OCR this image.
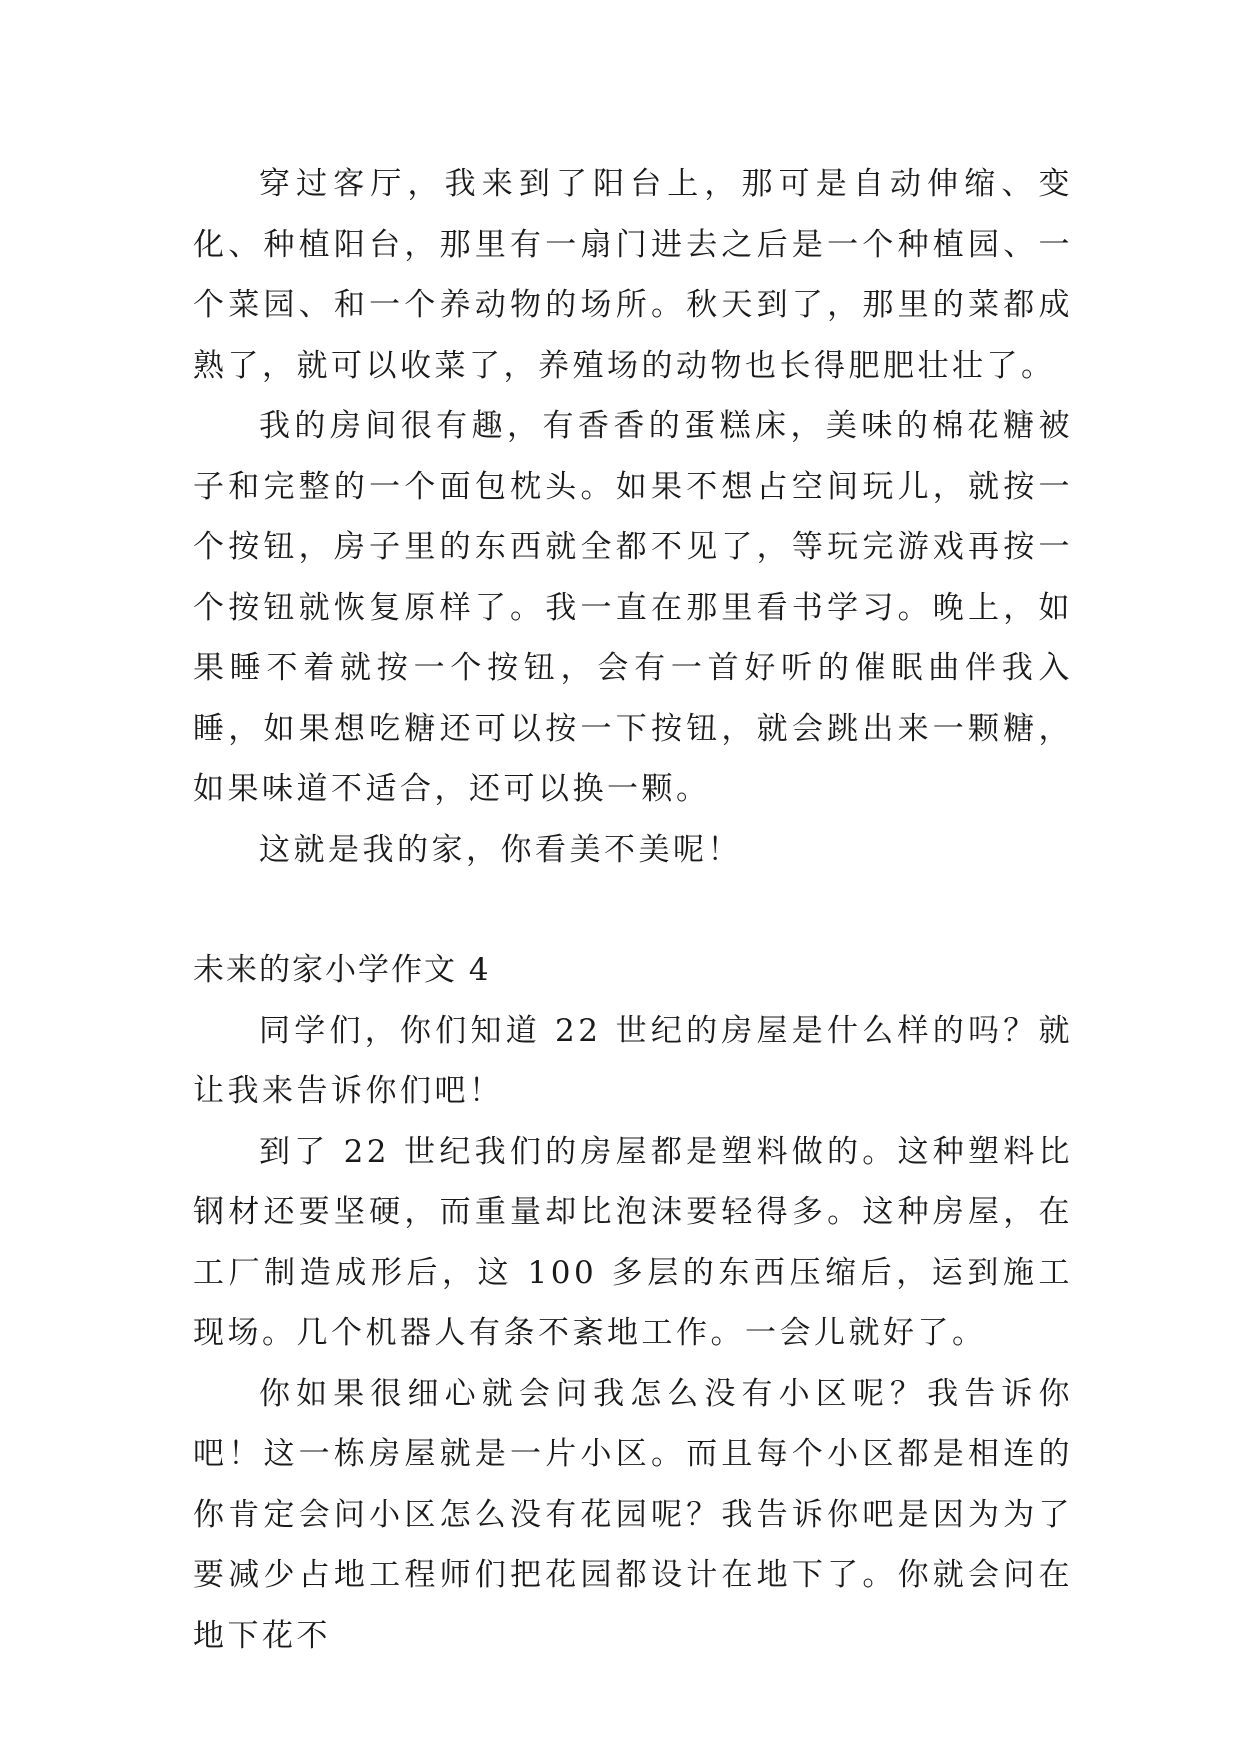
穿过客厅，我来到了阳台上，那可是自动伸缩、变化、种植阳台，那里有一扇门进去之后是一个种植园、一个菜园、和一个养动物的场所。秋天到了，那里的菜都成熟了，就可以收菜了，养殖场的动物也长得肥肥壮壮了。

我的房间很有趣，有香香的蛋糕床，美味的棉花糖被子和完整的一个面包枕头。如果不想占空间玩儿，就按一个按钮，房子里的东西就全都不见了，等玩完游戏再按一个按钮就恢复原样了。我一直在那里看书学习。晚上，如果睡不着就按一个按钮，会有一首好听的催眠曲伴我入睡，如果想吃糖还可以按一下按钮，就会跳出来一颗糖，如果味道不适合，还可以换一颗。

这就是我的家，你看美不美呢！

未来的家小学作文 4

同学们，你们知道 22 世纪的房屋是什么样的吗？就让我来告诉你们吧！

到了 22 世纪我们的房屋都是塑料做的。这种塑料比钢材还要坚硬，而重量却比泡沫要轻得多。这种房屋，在工厂制造成形后，这 100 多层的东西压缩后，运到施工现场。几个机器人有条不紊地工作。一会儿就好了。

你如果很细心就会问我怎么没有小区呢？我告诉你吧！这一栋房屋就是一片小区。而且每个小区都是相连的你肯定会问小区怎么没有花园呢？我告诉你吧是因为为了要减少占地工程师们把花园都设计在地下了。你就会问在地下花不
